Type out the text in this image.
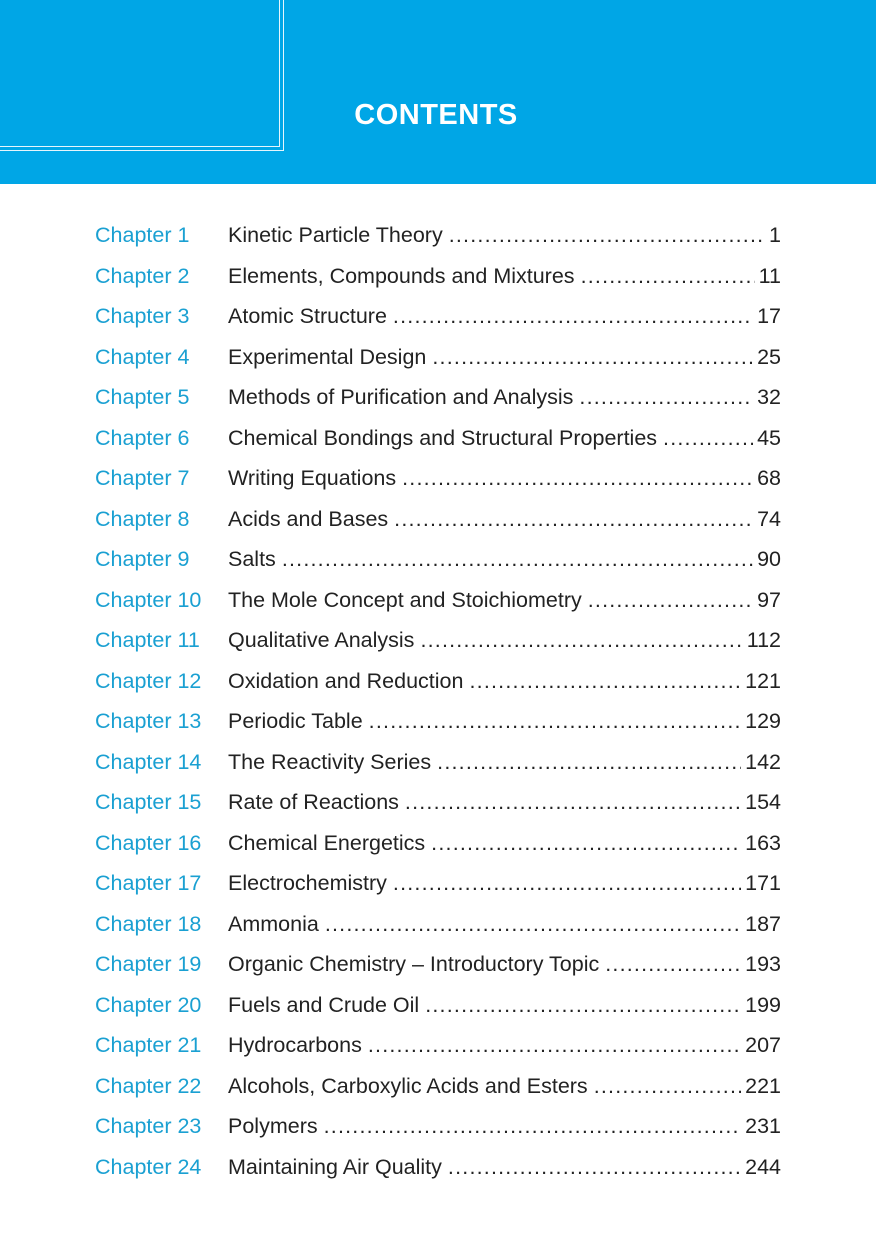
CONTENTS
Chapter 1	Kinetic Particle Theory .....	1
Chapter 2	Elements, Compounds and Mixtures .....	11
Chapter 3	Atomic Structure .....	17
Chapter 4	Experimental Design .....	25
Chapter 5	Methods of Purification and Analysis .....	32
Chapter 6	Chemical Bondings and Structural Properties .....	45
Chapter 7	Writing Equations .....	68
Chapter 8	Acids and Bases .....	74
Chapter 9	Salts .....	90
Chapter 10	The Mole Concept and Stoichiometry .....	97
Chapter 11	Qualitative Analysis .....	112
Chapter 12	Oxidation and Reduction .....	121
Chapter 13	Periodic Table .....	129
Chapter 14	The Reactivity Series .....	142
Chapter 15	Rate of Reactions .....	154
Chapter 16	Chemical Energetics .....	163
Chapter 17	Electrochemistry .....	171
Chapter 18	Ammonia .....	187
Chapter 19	Organic Chemistry – Introductory Topic .....	193
Chapter 20	Fuels and Crude Oil .....	199
Chapter 21	Hydrocarbons .....	207
Chapter 22	Alcohols, Carboxylic Acids and Esters .....	221
Chapter 23	Polymers .....	231
Chapter 24	Maintaining Air Quality .....	244
